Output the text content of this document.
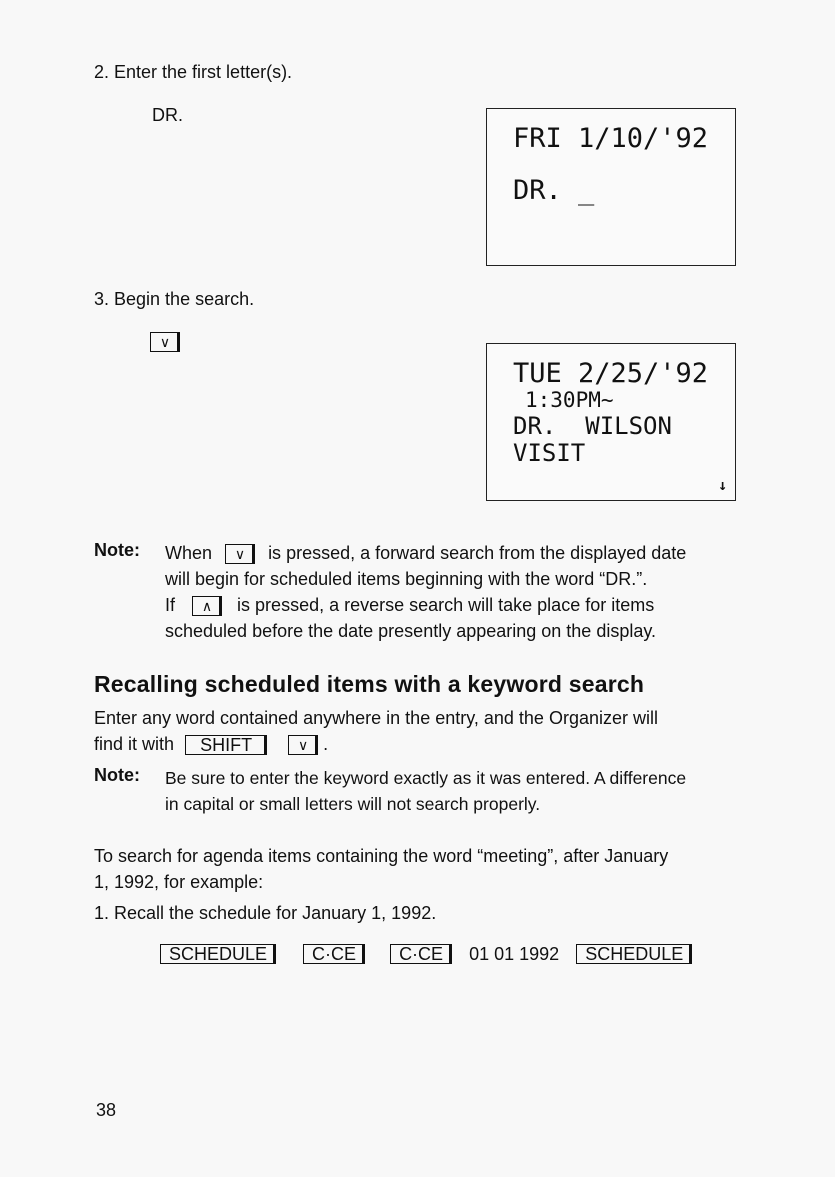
2. Enter the first letter(s).
DR.
FRI 1/10/'92
DR. _
3. Begin the search.
∨
TUE 2/25/'92
1:30PM~
DR.  WILSON
VISIT
↓
Note: When ∨ is pressed, a forward search from the displayed date
will begin for scheduled items beginning with the word “DR.”.
If ∧ is pressed, a reverse search will take place for items
scheduled before the date presently appearing on the display.
Recalling scheduled items with a keyword search
Enter any word contained anywhere in the entry, and the Organizer will
find it with SHIFT	∨ .
Note: Be sure to enter the keyword exactly as it was entered. A difference
in capital or small letters will not search properly.
To search for agenda items containing the word “meeting”, after January
1, 1992, for example:
1. Recall the schedule for January 1, 1992.
SCHEDULE	C·CE C·CE 01 01 1992 SCHEDULE
38
